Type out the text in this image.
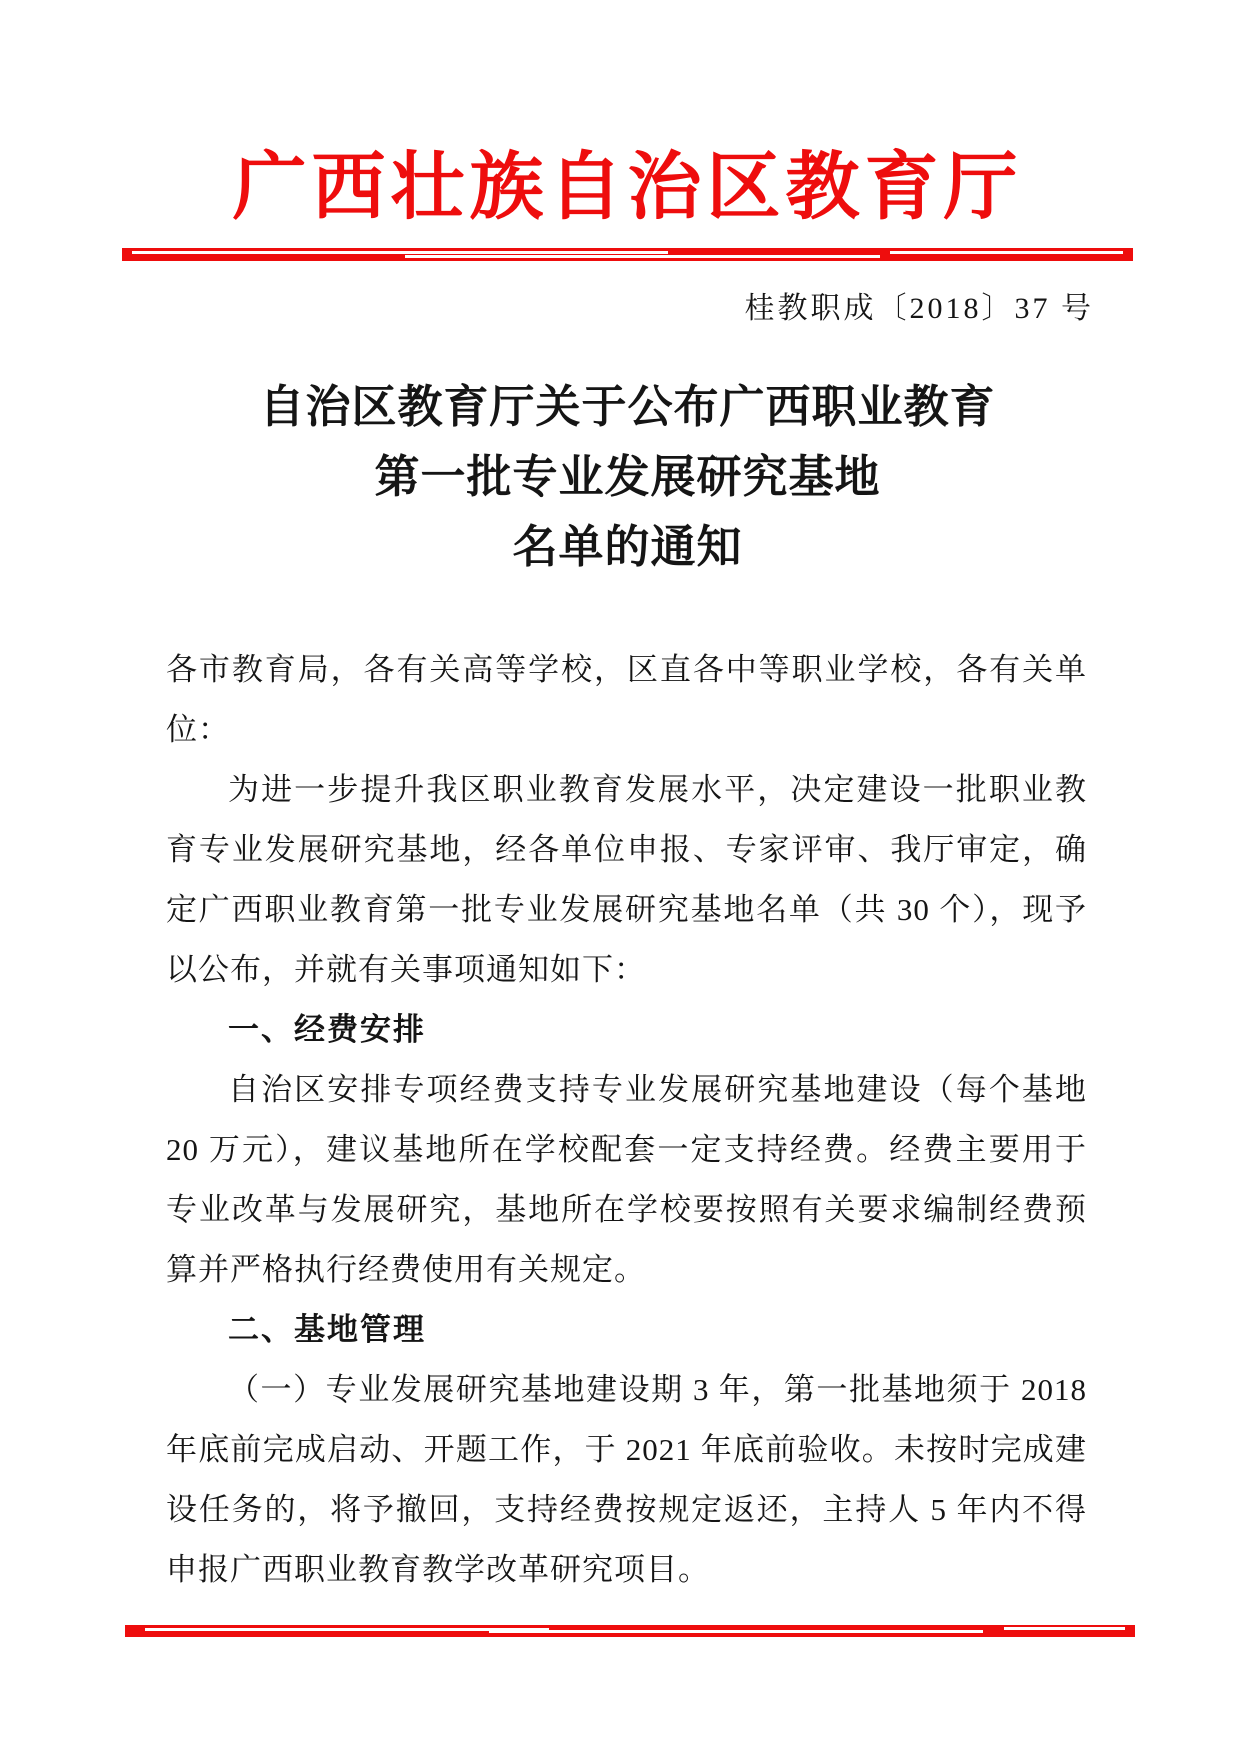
广西壮族自治区教育厅
桂教职成〔2018〕37 号
自治区教育厅关于公布广西职业教育
第一批专业发展研究基地
名单的通知

各市教育局，各有关高等学校，区直各中等职业学校，各有关单位：

为进一步提升我区职业教育发展水平，决定建设一批职业教育专业发展研究基地，经各单位申报、专家评审、我厅审定，确定广西职业教育第一批专业发展研究基地名单（共 30 个），现予以公布，并就有关事项通知如下：

一、经费安排

自治区安排专项经费支持专业发展研究基地建设（每个基地 20 万元），建议基地所在学校配套一定支持经费。经费主要用于专业改革与发展研究，基地所在学校要按照有关要求编制经费预算并严格执行经费使用有关规定。

二、基地管理

（一）专业发展研究基地建设期 3 年，第一批基地须于 2018 年底前完成启动、开题工作，于 2021 年底前验收。未按时完成建设任务的，将予撤回，支持经费按规定返还，主持人 5 年内不得申报广西职业教育教学改革研究项目。
